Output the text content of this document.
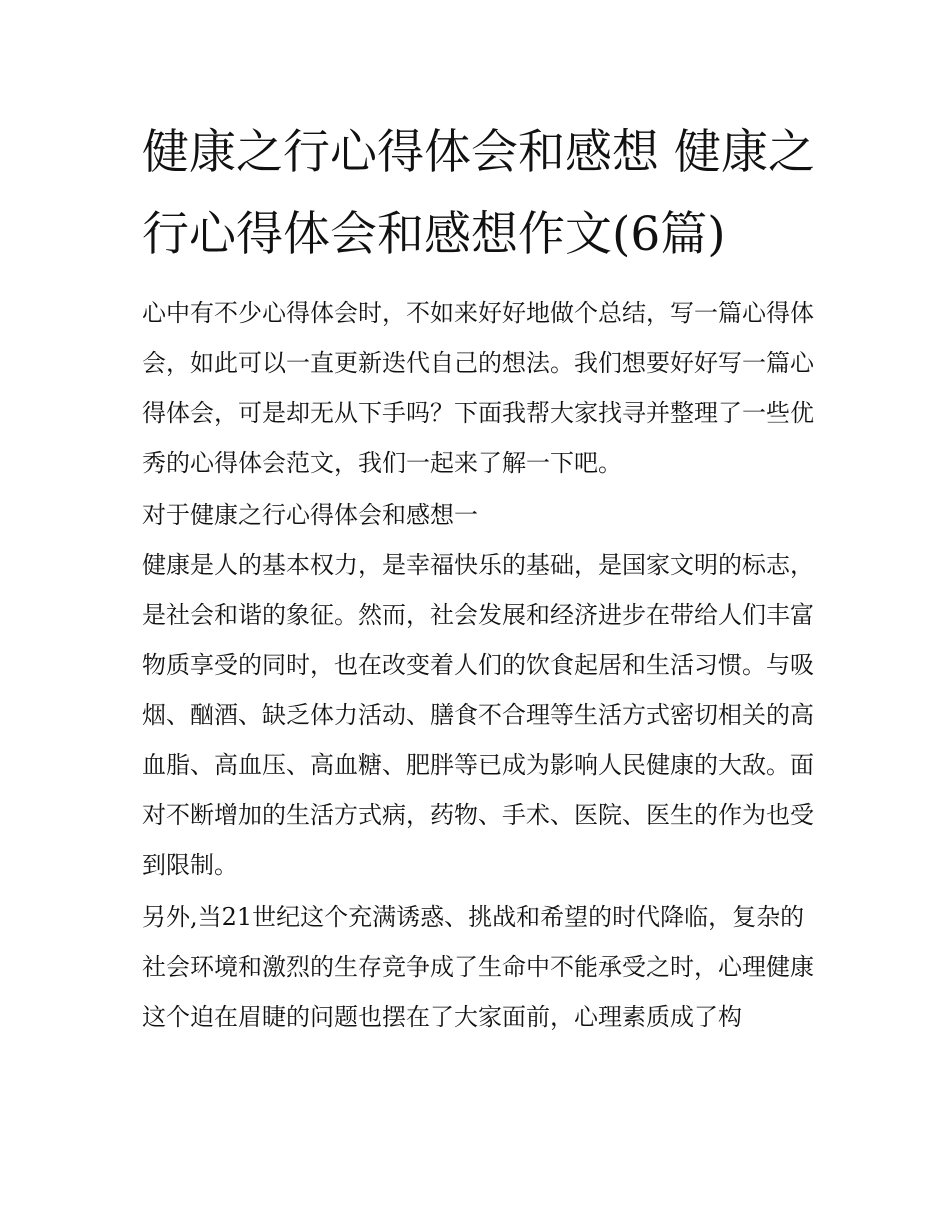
健康之行心得体会和感想 健康之行心得体会和感想作文(6篇)

心中有不少心得体会时，不如来好好地做个总结，写一篇心得体会，如此可以一直更新迭代自己的想法。我们想要好好写一篇心得体会，可是却无从下手吗？下面我帮大家找寻并整理了一些优秀的心得体会范文，我们一起来了解一下吧。

对于健康之行心得体会和感想一

健康是人的基本权力，是幸福快乐的基础，是国家文明的标志，是社会和谐的象征。然而，社会发展和经济进步在带给人们丰富物质享受的同时，也在改变着人们的饮食起居和生活习惯。与吸烟、酗酒、缺乏体力活动、膳食不合理等生活方式密切相关的高血脂、高血压、高血糖、肥胖等已成为影响人民健康的大敌。面对不断增加的生活方式病，药物、手术、医院、医生的作为也受到限制。

另外,当21世纪这个充满诱惑、挑战和希望的时代降临，复杂的社会环境和激烈的生存竞争成了生命中不能承受之时，心理健康这个迫在眉睫的问题也摆在了大家面前，心理素质成了构
